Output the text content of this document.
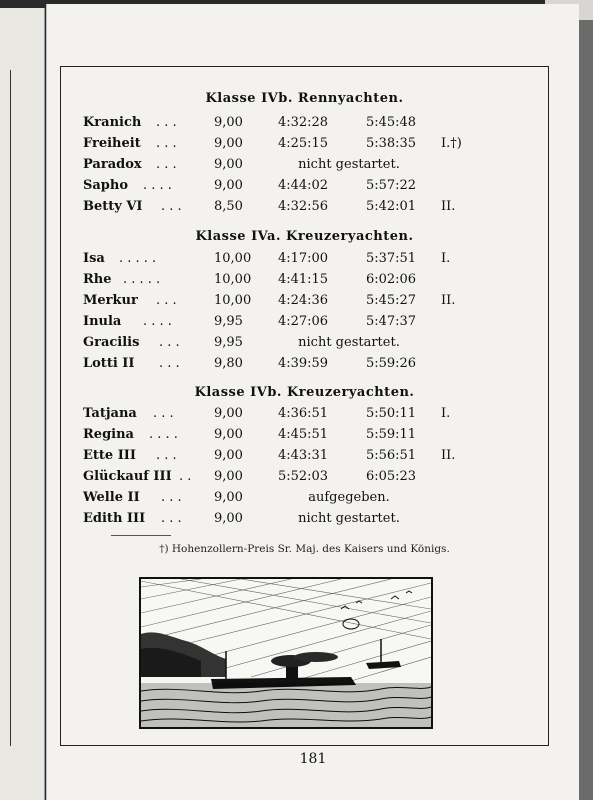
Klasse IVb. Rennyachten.
Kranich . . .	9,00	4:32:28	5:45:48
Freiheit . . .	9,00	4:25:15	5:38:35	I.†)
Paradox . . .	9,00	nicht gestartet.
Sapho . . . .	9,00	4:44:02	5:57:22
Betty VI . . .	8,50	4:32:56	5:42:01	II.
Klasse IVa. Kreuzeryachten.
Isa . . . . .	10,00	4:17:00	5:37:51	I.
Rhe . . . . .	10,00	4:41:15	6:02:06
Merkur . . .	10,00	4:24:36	5:45:27	II.
Inula . . . .	9,95	4:27:06	5:47:37
Gracilis . . .	9,95	nicht gestartet.
Lotti II . . .	9,80	4:39:59	5:59:26
Klasse IVb. Kreuzeryachten.
Tatjana . . .	9,00	4:36:51	5:50:11	I.
Regina . . . .	9,00	4:45:51	5:59:11
Ette III . . .	9,00	4:43:31	5:56:51	II.
Glückauf III . .	9,00	5:52:03	6:05:23
Welle II . . .	9,00	aufgegeben.
Edith III . . .	9,00	nicht gestartet.
†) Hohenzollern-Preis Sr. Maj. des Kaisers und Königs.
181
